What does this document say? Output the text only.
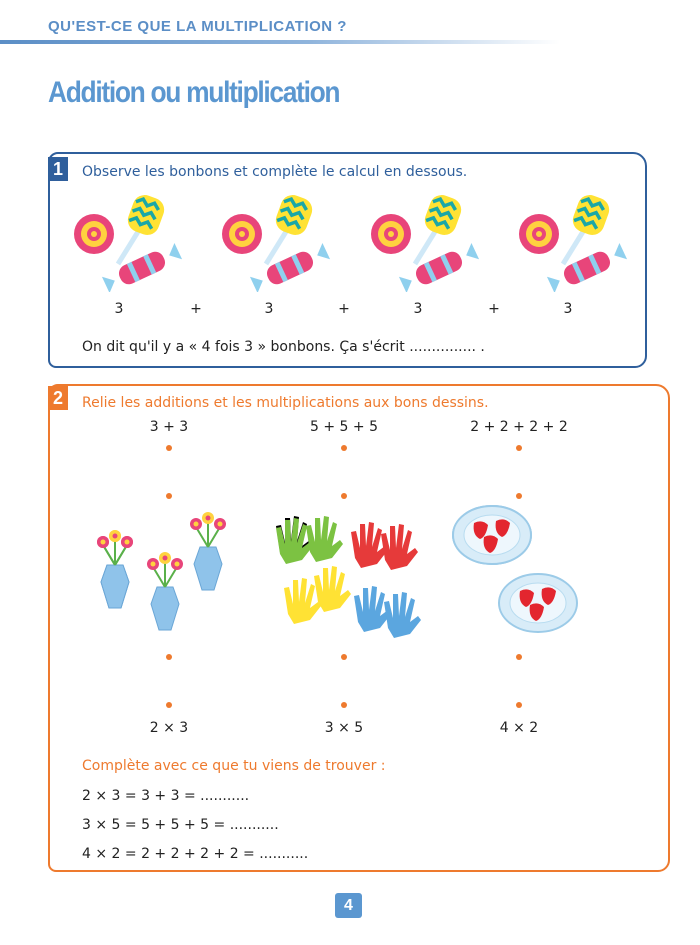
QU'EST-CE QUE LA MULTIPLICATION ?
Addition ou multiplication
1	Observe les bonbons et complète le calcul en dessous.
3	+	3	+	3	+	3
On dit qu'il y a « 4 fois 3 » bonbons. Ça s'écrit ............... .
2	Relie les additions et les multiplications aux bons dessins.
3 + 3	5 + 5 + 5	2 + 2 + 2 + 2
2 × 3	3 × 5	4 × 2
Complète avec ce que tu viens de trouver :
2 × 3 = 3 + 3 = ...........
3 × 5 = 5 + 5 + 5 = ...........
4 × 2 = 2 + 2 + 2 + 2 = ...........
4
